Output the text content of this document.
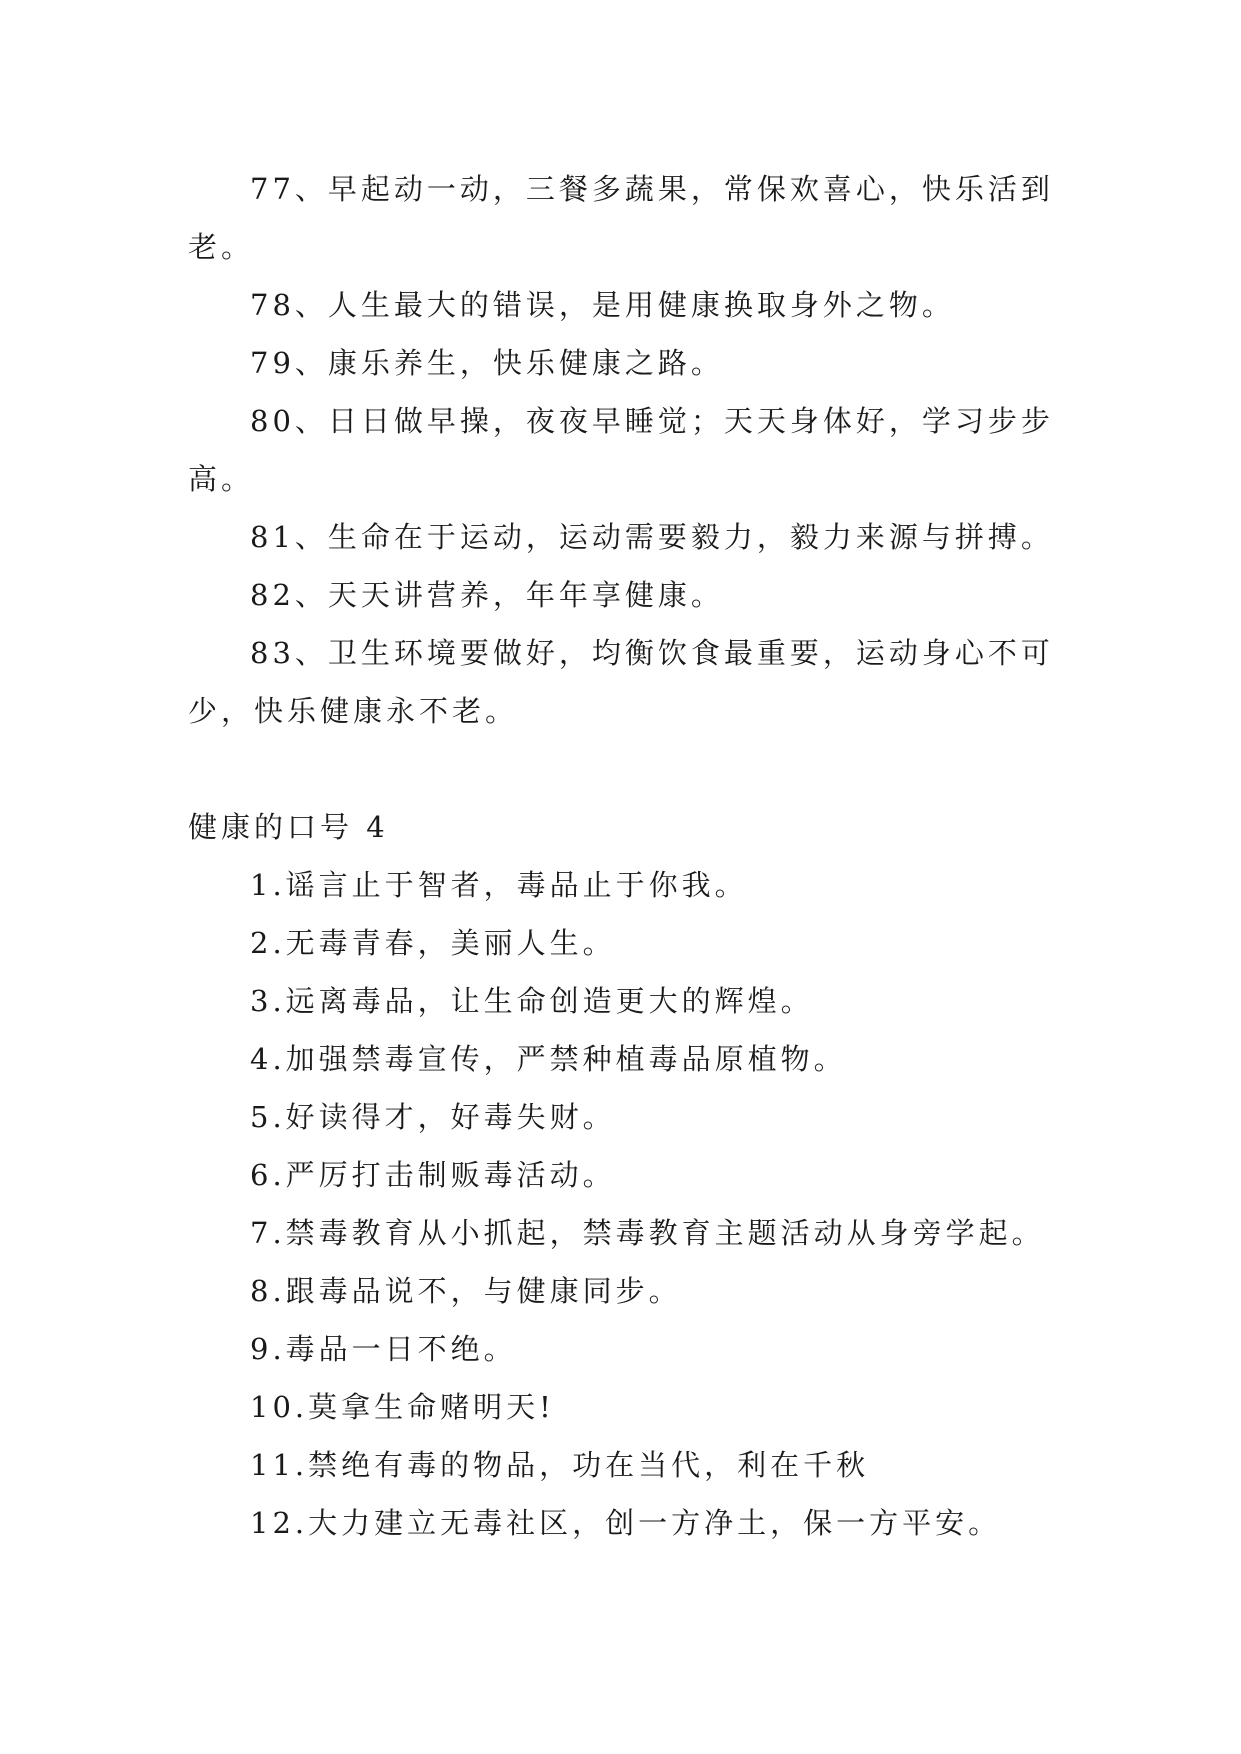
77、早起动一动，三餐多蔬果，常保欢喜心，快乐活到老。

78、人生最大的错误，是用健康换取身外之物。

79、康乐养生，快乐健康之路。

80、日日做早操，夜夜早睡觉；天天身体好，学习步步高。

81、生命在于运动，运动需要毅力，毅力来源与拼搏。

82、天天讲营养，年年享健康。

83、卫生环境要做好，均衡饮食最重要，运动身心不可少，快乐健康永不老。

健康的口号 4

1.谣言止于智者，毒品止于你我。

2.无毒青春，美丽人生。

3.远离毒品，让生命创造更大的辉煌。

4.加强禁毒宣传，严禁种植毒品原植物。

5.好读得才，好毒失财。

6.严厉打击制贩毒活动。

7.禁毒教育从小抓起，禁毒教育主题活动从身旁学起。

8.跟毒品说不，与健康同步。

9.毒品一日不绝。

10.莫拿生命赌明天!

11.禁绝有毒的物品，功在当代，利在千秋

12.大力建立无毒社区，创一方净土，保一方平安。
